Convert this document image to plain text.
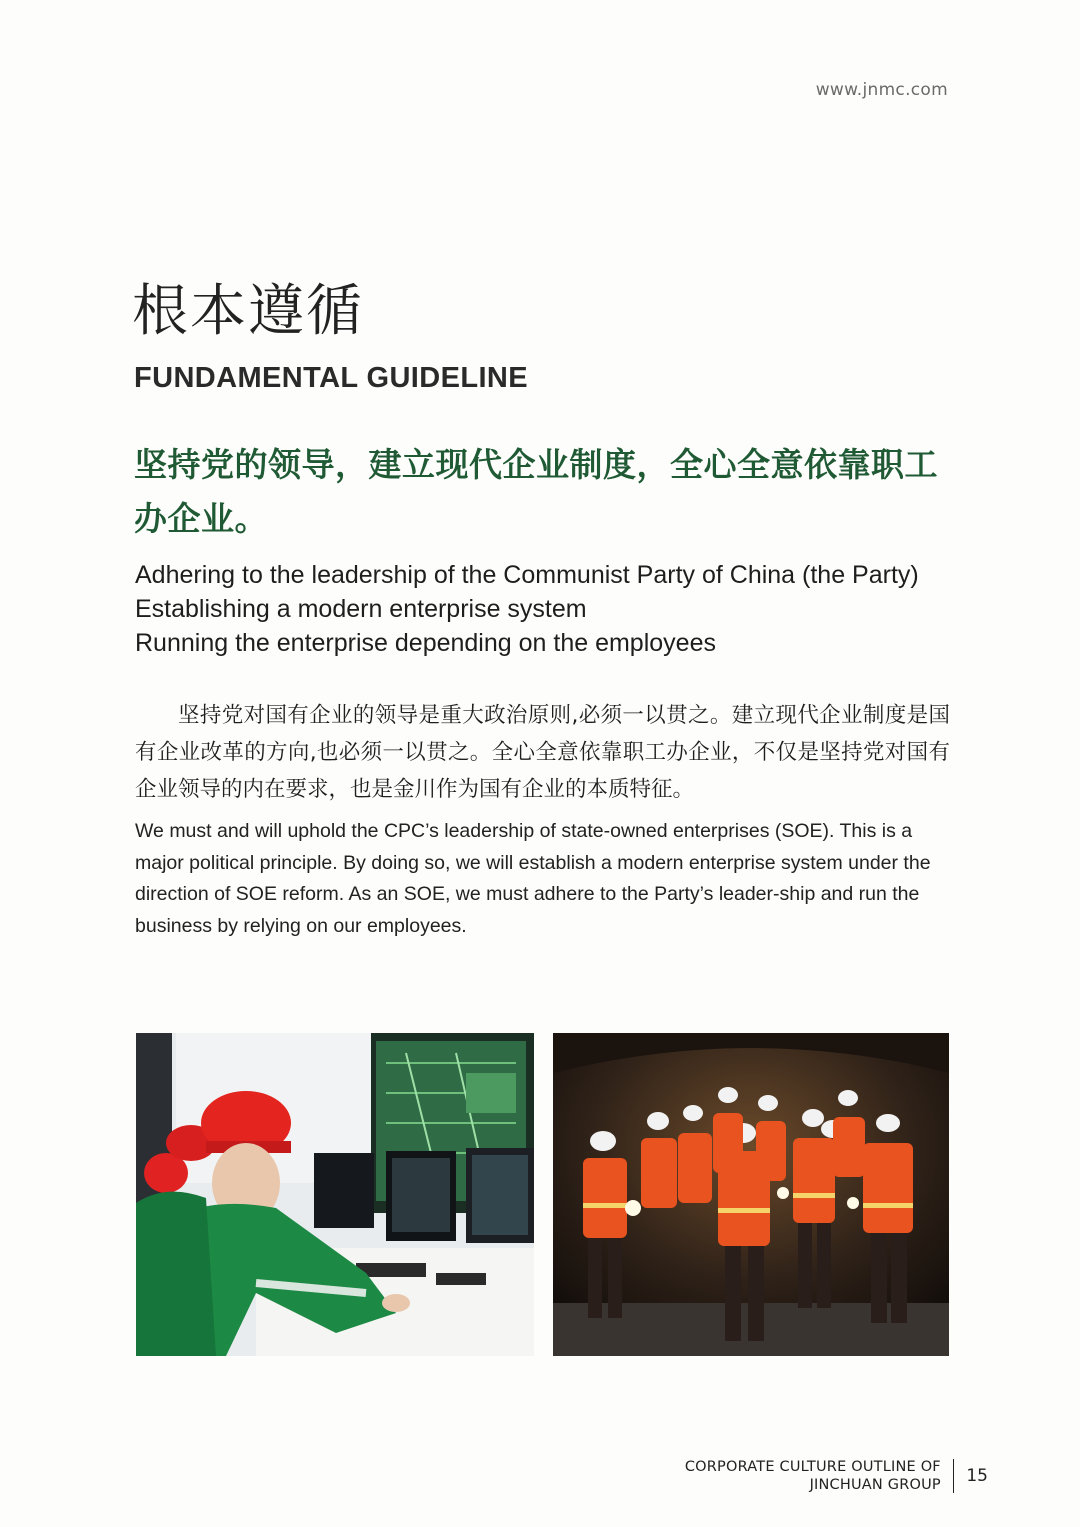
www.jnmc.com
根本遵循
FUNDAMENTAL GUIDELINE
坚持党的领导，建立现代企业制度，全心全意依靠职工办企业。
Adhering to the leadership of the Communist Party of China (the Party)
Establishing a modern enterprise system
Running the enterprise depending on the employees
坚持党对国有企业的领导是重大政治原则,必须一以贯之。建立现代企业制度是国有企业改革的方向,也必须一以贯之。全心全意依靠职工办企业，不仅是坚持党对国有企业领导的内在要求，也是金川作为国有企业的本质特征。
We must and will uphold the CPC’s leadership of state-owned enterprises (SOE). This is a major political principle. By doing so, we will establish a modern enterprise system under the direction of SOE reform. As an SOE, we must adhere to the Party’s leader-ship and run the business by relying on our employees.
CORPORATE CULTURE OUTLINE OF
JINCHUAN GROUP 15
